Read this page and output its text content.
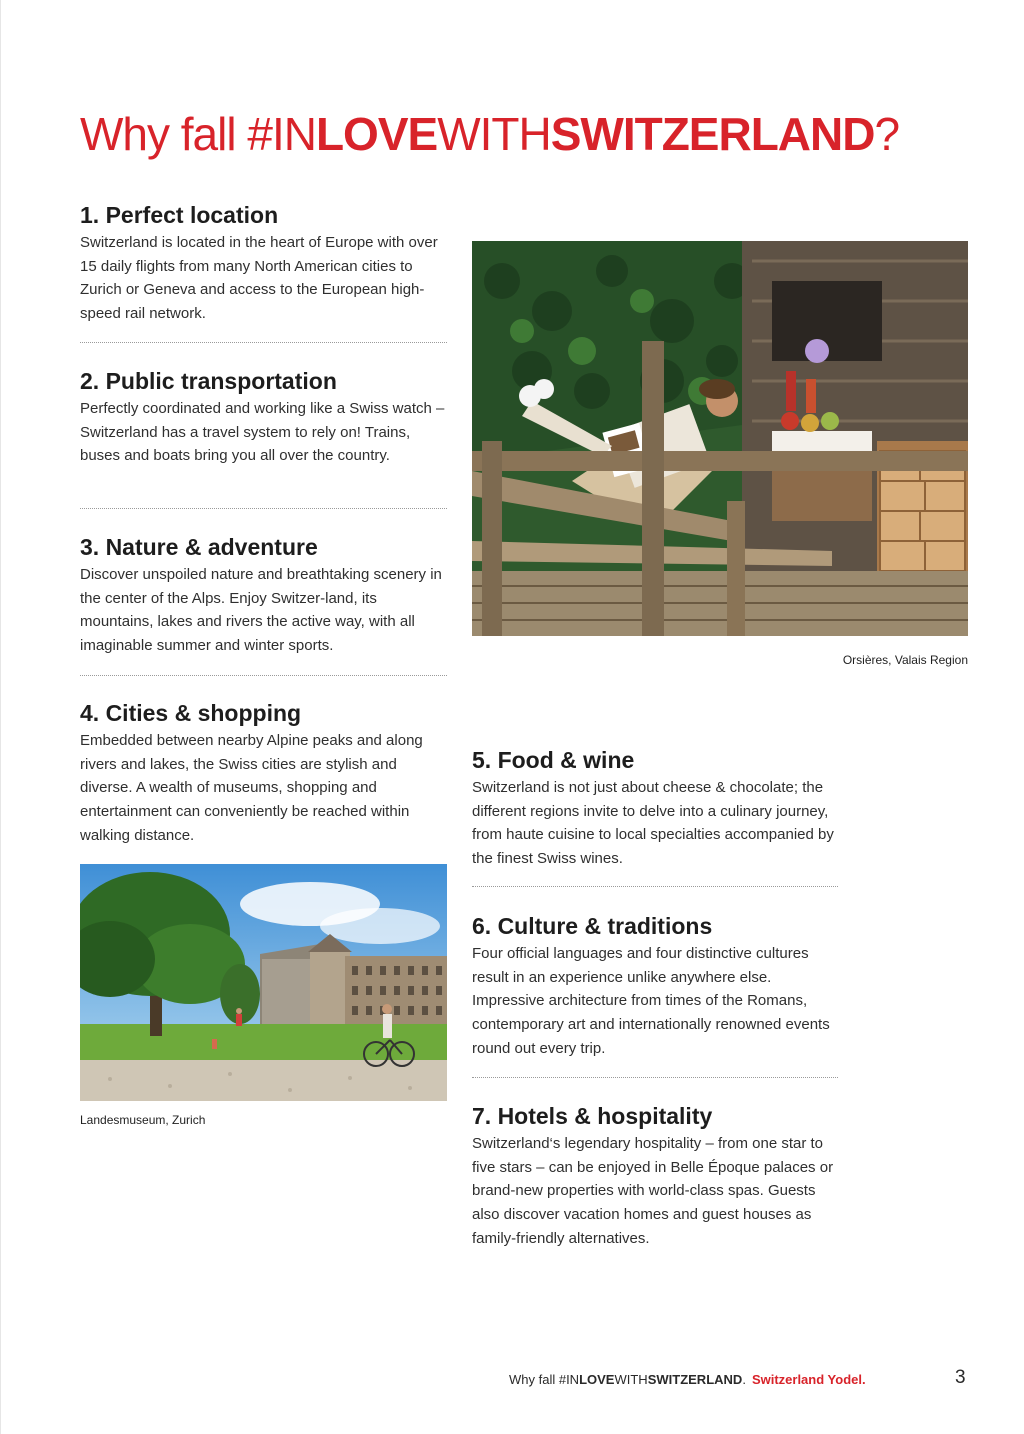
Why fall #INLOVEWITHSWITZERLAND?
1. Perfect location

Switzerland is located in the heart of Europe with over 15 daily flights from many North American cities to Zurich or Geneva and access to the European high-speed rail network.

2. Public transportation

Perfectly coordinated and working like a Swiss watch – Switzerland has a travel system to rely on! Trains, buses and boats bring you all over the country.

3. Nature & adventure

Discover unspoiled nature and breathtaking scenery in the center of the Alps. Enjoy Switzer-land, its mountains, lakes and rivers the active way, with all imaginable summer and winter sports.

4. Cities & shopping

Embedded between nearby Alpine peaks and along rivers and lakes, the Swiss cities are stylish and diverse. A wealth of museums, shopping and entertainment can conveniently be reached within walking distance.

Landesmuseum, Zurich
Orsières, Valais Region
5. Food & wine

Switzerland is not just about cheese & chocolate; the different regions invite to delve into a culinary journey, from haute cuisine to local specialties accompanied by the finest Swiss wines.

6. Culture & traditions

Four official languages and four distinctive cultures result in an experience unlike anywhere else. Impressive architecture from times of the Romans, contemporary art and internationally renowned events round out every trip.

7. Hotels & hospitality

Switzerland‘s legendary hospitality – from one star to five stars – can be enjoyed in Belle Époque palaces or brand-new properties with world-class spas. Guests also discover vacation homes and guest houses as family-friendly alternatives.

Why fall #INLOVEWITHSWITZERLAND. Switzerland Yodel.	3
